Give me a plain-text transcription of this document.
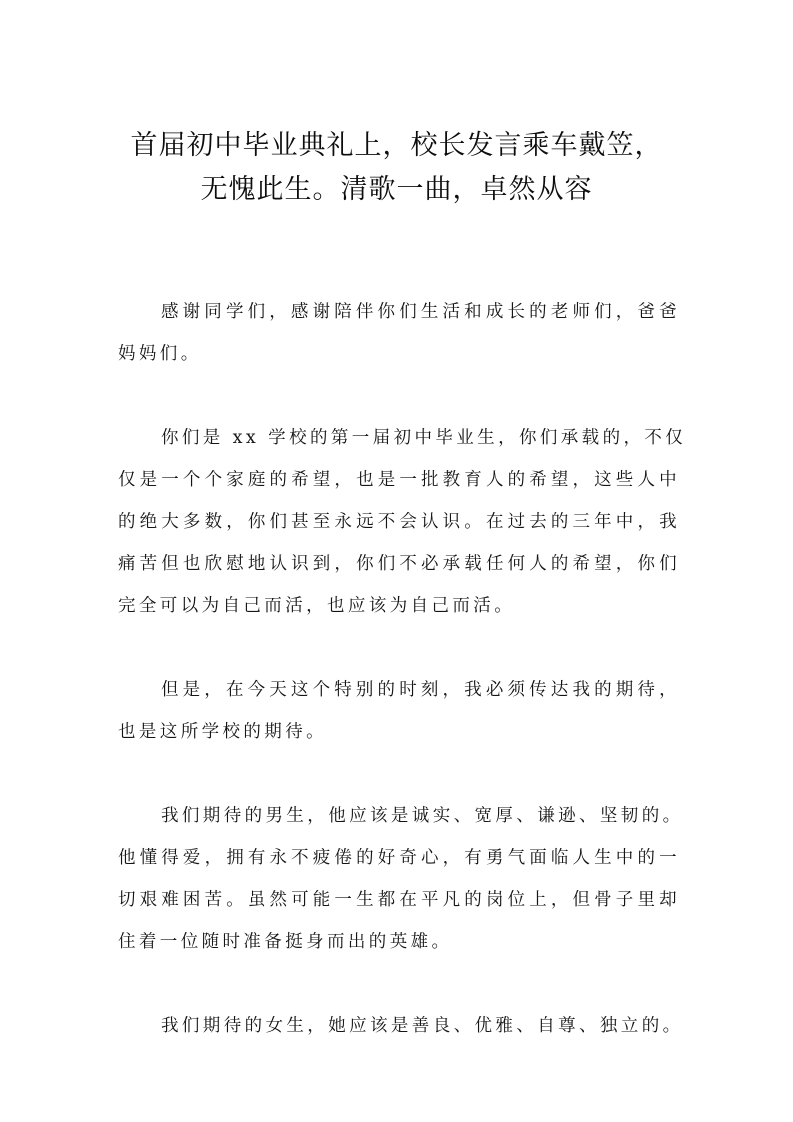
首届初中毕业典礼上，校长发言乘车戴笠，
无愧此生。清歌一曲，卓然从容

感谢同学们，感谢陪伴你们生活和成长的老师们，爸爸
妈妈们。

你们是 xx 学校的第一届初中毕业生，你们承载的，不仅
仅是一个个家庭的希望，也是一批教育人的希望，这些人中
的绝大多数，你们甚至永远不会认识。在过去的三年中，我
痛苦但也欣慰地认识到，你们不必承载任何人的希望，你们
完全可以为自己而活，也应该为自己而活。

但是，在今天这个特别的时刻，我必须传达我的期待，
也是这所学校的期待。

我们期待的男生，他应该是诚实、宽厚、谦逊、坚韧的。
他懂得爱，拥有永不疲倦的好奇心，有勇气面临人生中的一
切艰难困苦。虽然可能一生都在平凡的岗位上，但骨子里却
住着一位随时准备挺身而出的英雄。

我们期待的女生，她应该是善良、优雅、自尊、独立的。
